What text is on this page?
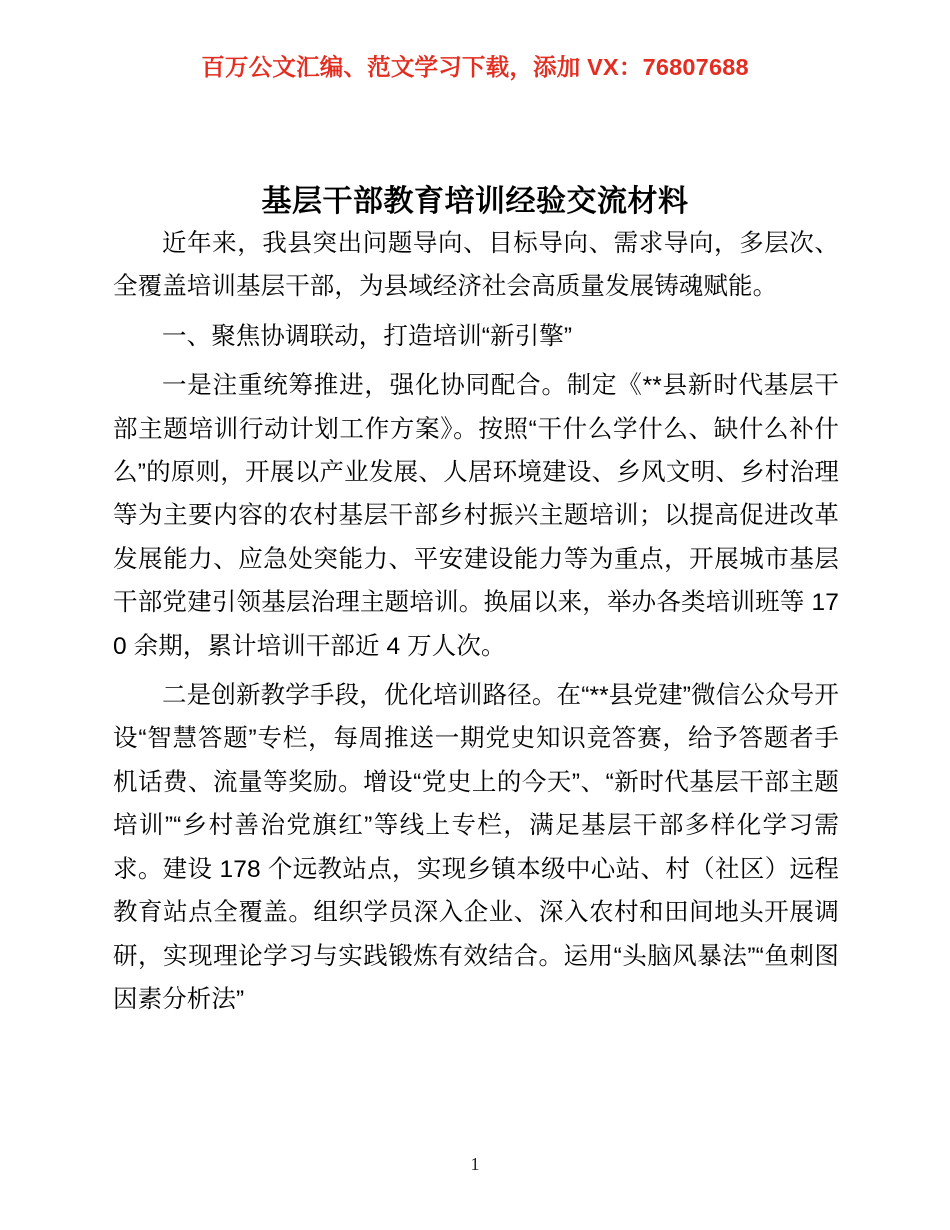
百万公文汇编、范文学习下载，添加 VX：76807688
基层干部教育培训经验交流材料

近年来，我县突出问题导向、目标导向、需求导向，多层次、全覆盖培训基层干部，为县域经济社会高质量发展铸魂赋能。

一、聚焦协调联动，打造培训“新引擎”

一是注重统筹推进，强化协同配合。制定《**县新时代基层干部主题培训行动计划工作方案》。按照“干什么学什么、缺什么补什么”的原则，开展以产业发展、人居环境建设、乡风文明、乡村治理等为主要内容的农村基层干部乡村振兴主题培训；以提高促进改革发展能力、应急处突能力、平安建设能力等为重点，开展城市基层干部党建引领基层治理主题培训。换届以来，举办各类培训班等 170 余期，累计培训干部近 4 万人次。

二是创新教学手段，优化培训路径。在“**县党建”微信公众号开设“智慧答题”专栏，每周推送一期党史知识竞答赛，给予答题者手机话费、流量等奖励。增设“党史上的今天”、“新时代基层干部主题培训”“乡村善治党旗红”等线上专栏，满足基层干部多样化学习需求。建设 178 个远教站点，实现乡镇本级中心站、村（社区）远程教育站点全覆盖。组织学员深入企业、深入农村和田间地头开展调研，实现理论学习与实践锻炼有效结合。运用“头脑风暴法”“鱼刺图因素分析法”

1
